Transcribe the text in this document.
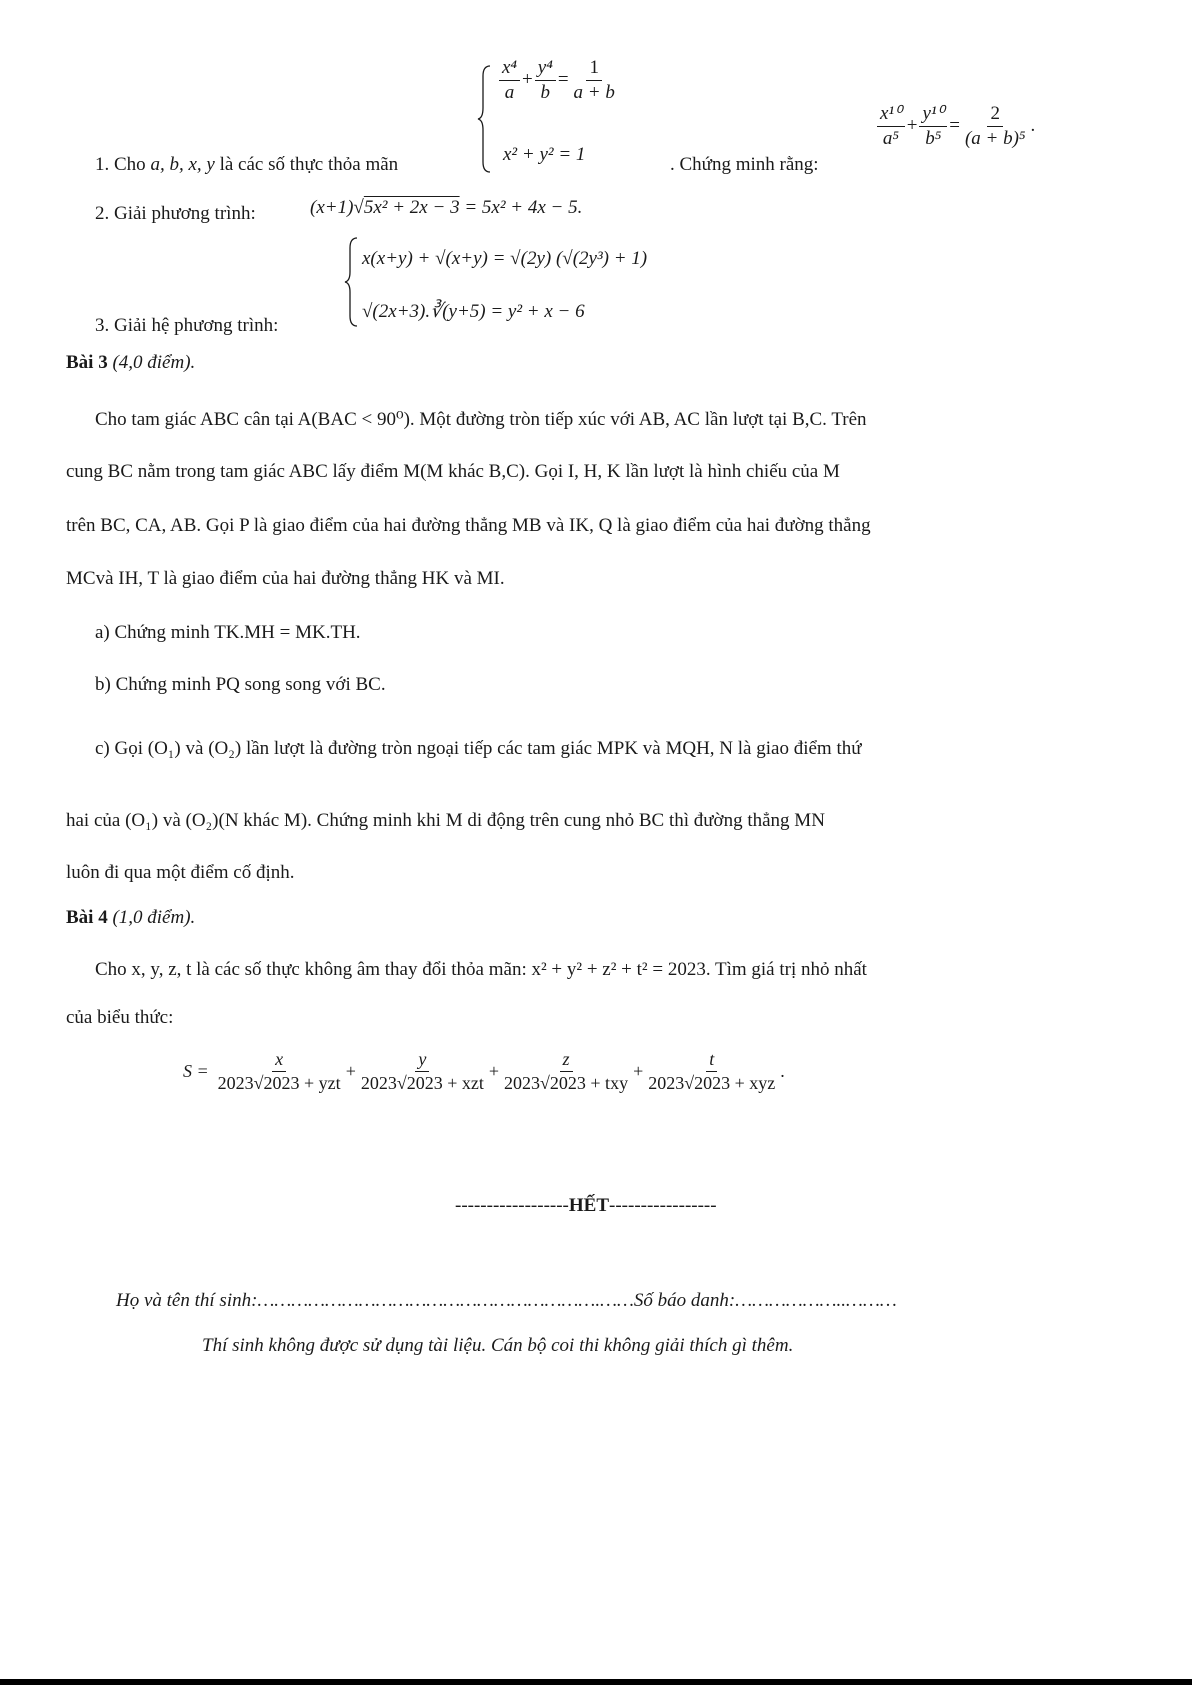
1. Cho a, b, x, y là các số thực thỏa mãn
$\frac{\text{x⁴}}{a} + \frac{\text{y⁴}}{b} = \frac{1}{a + b}$
x² + y² = 1	. Chứng minh rằng:
$\frac{\text{x¹⁰}}{\text{a⁵}} + \frac{\text{y¹⁰}}{\text{b⁵}} = \frac{2}{\text{(a + b)⁵}}$ .
2. Giải phương trình:	(x+1)√5x² + 2x − 3 = 5x² + 4x − 5.
3. Giải hệ phương trình:
x(x+y) + √(x+y) = √(2y) (√(2y³) + 1)
√(2x+3).∛(y+5) = y² + x − 6
Bài 3 (4,0 điểm).
Cho tam giác ABC cân tại A(BAC < 90⁰). Một đường tròn tiếp xúc với AB, AC lần lượt tại B,C. Trên
cung BC nằm trong tam giác ABC lấy điểm M(M khác B,C). Gọi I, H, K lần lượt là hình chiếu của M
trên BC, CA, AB. Gọi P là giao điểm của hai đường thẳng MB và IK, Q là giao điểm của hai đường thẳng
MCvà IH, T là giao điểm của hai đường thẳng HK và MI.
a) Chứng minh TK.MH = MK.TH.
b) Chứng minh PQ song song với BC.
c) Gọi (O₁) và (O₂) lần lượt là đường tròn ngoại tiếp các tam giác MPK và MQH, N là giao điểm thứ
hai của (O₁) và (O₂)(N khác M). Chứng minh khi M di động trên cung nhỏ BC thì đường thẳng MN
luôn đi qua một điểm cố định.
Bài 4 (1,0 điểm).
Cho x, y, z, t là các số thực không âm thay đổi thỏa mãn: x² + y² + z² + t² = 2023. Tìm giá trị nhỏ nhất
của biểu thức:
$S = \frac{x}{\text{2023√2023 + yzt}} + \frac{y}{\text{2023√2023 + xzt}} + \frac{z}{\text{2023√2023 + txy}} + \frac{t}{\text{2023√2023 + xyz}}$ .
------------------HẾT-----------------
Họ và tên thí sinh:…………………………………………………….……Số báo danh:………………..………
Thí sinh không được sử dụng tài liệu. Cán bộ coi thi không giải thích gì thêm.
